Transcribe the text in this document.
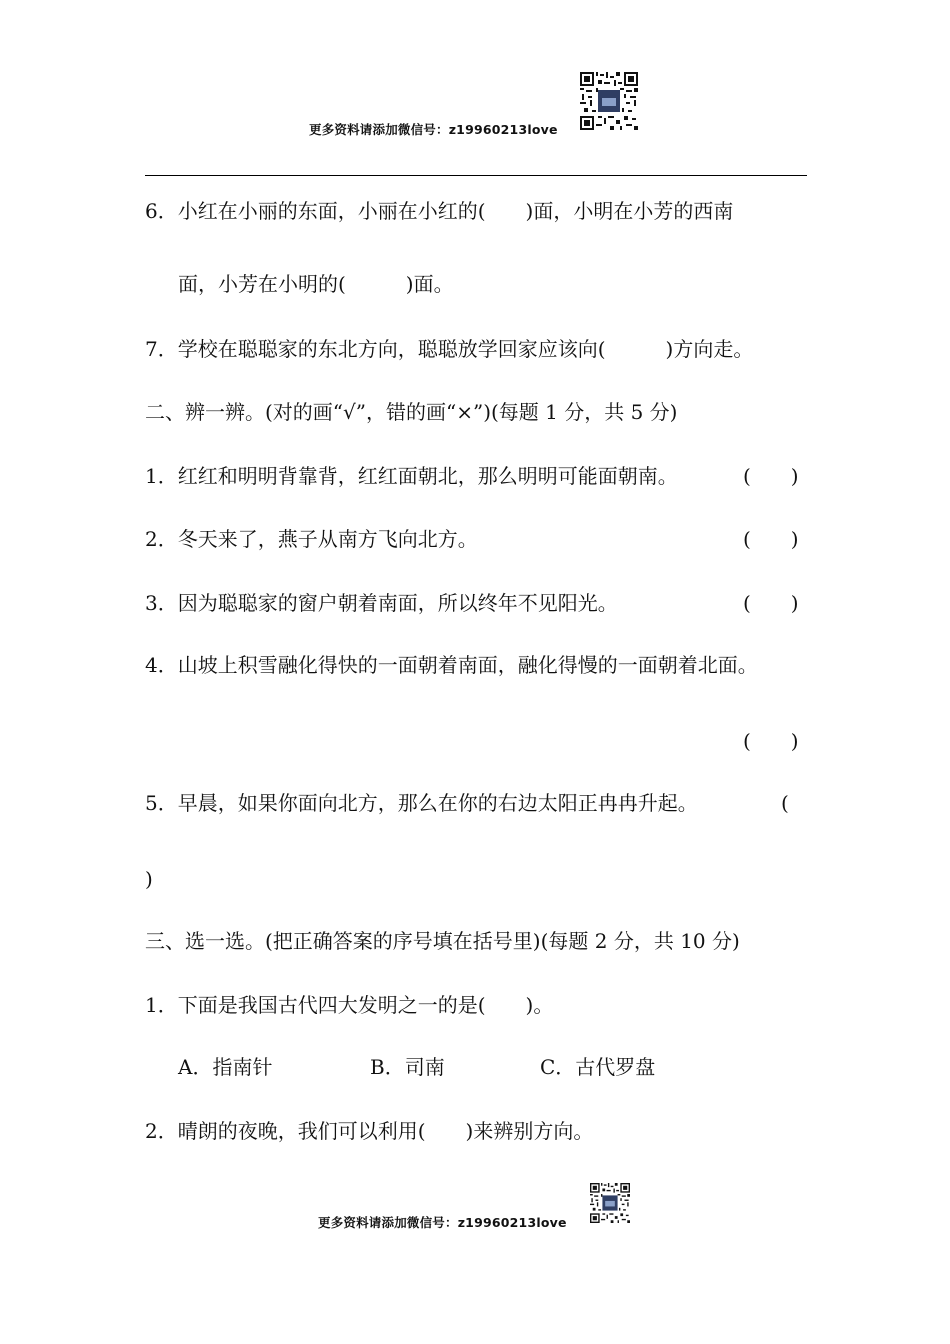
更多资料请添加微信号：z19960213love
6．小红在小丽的东面，小丽在小红的(　　)面，小明在小芳的西南
面，小芳在小明的(　　　)面。
7．学校在聪聪家的东北方向，聪聪放学回家应该向(　　　)方向走。
二、辨一辨。(对的画“√”，错的画“×”)(每题 1 分，共 5 分)
1．红红和明明背靠背，红红面朝北，那么明明可能面朝南。	(　　)
2．冬天来了，燕子从南方飞向北方。	(　　)
3．因为聪聪家的窗户朝着南面，所以终年不见阳光。	(　　)
4．山坡上积雪融化得快的一面朝着南面，融化得慢的一面朝着北面。
(　　)
5．早晨，如果你面向北方，那么在你的右边太阳正冉冉升起。	(
)
三、选一选。(把正确答案的序号填在括号里)(每题 2 分，共 10 分)
1．下面是我国古代四大发明之一的是(　　)。
A．指南针	B．司南	C．古代罗盘
2．晴朗的夜晚，我们可以利用(　　)来辨别方向。
更多资料请添加微信号：z19960213love
